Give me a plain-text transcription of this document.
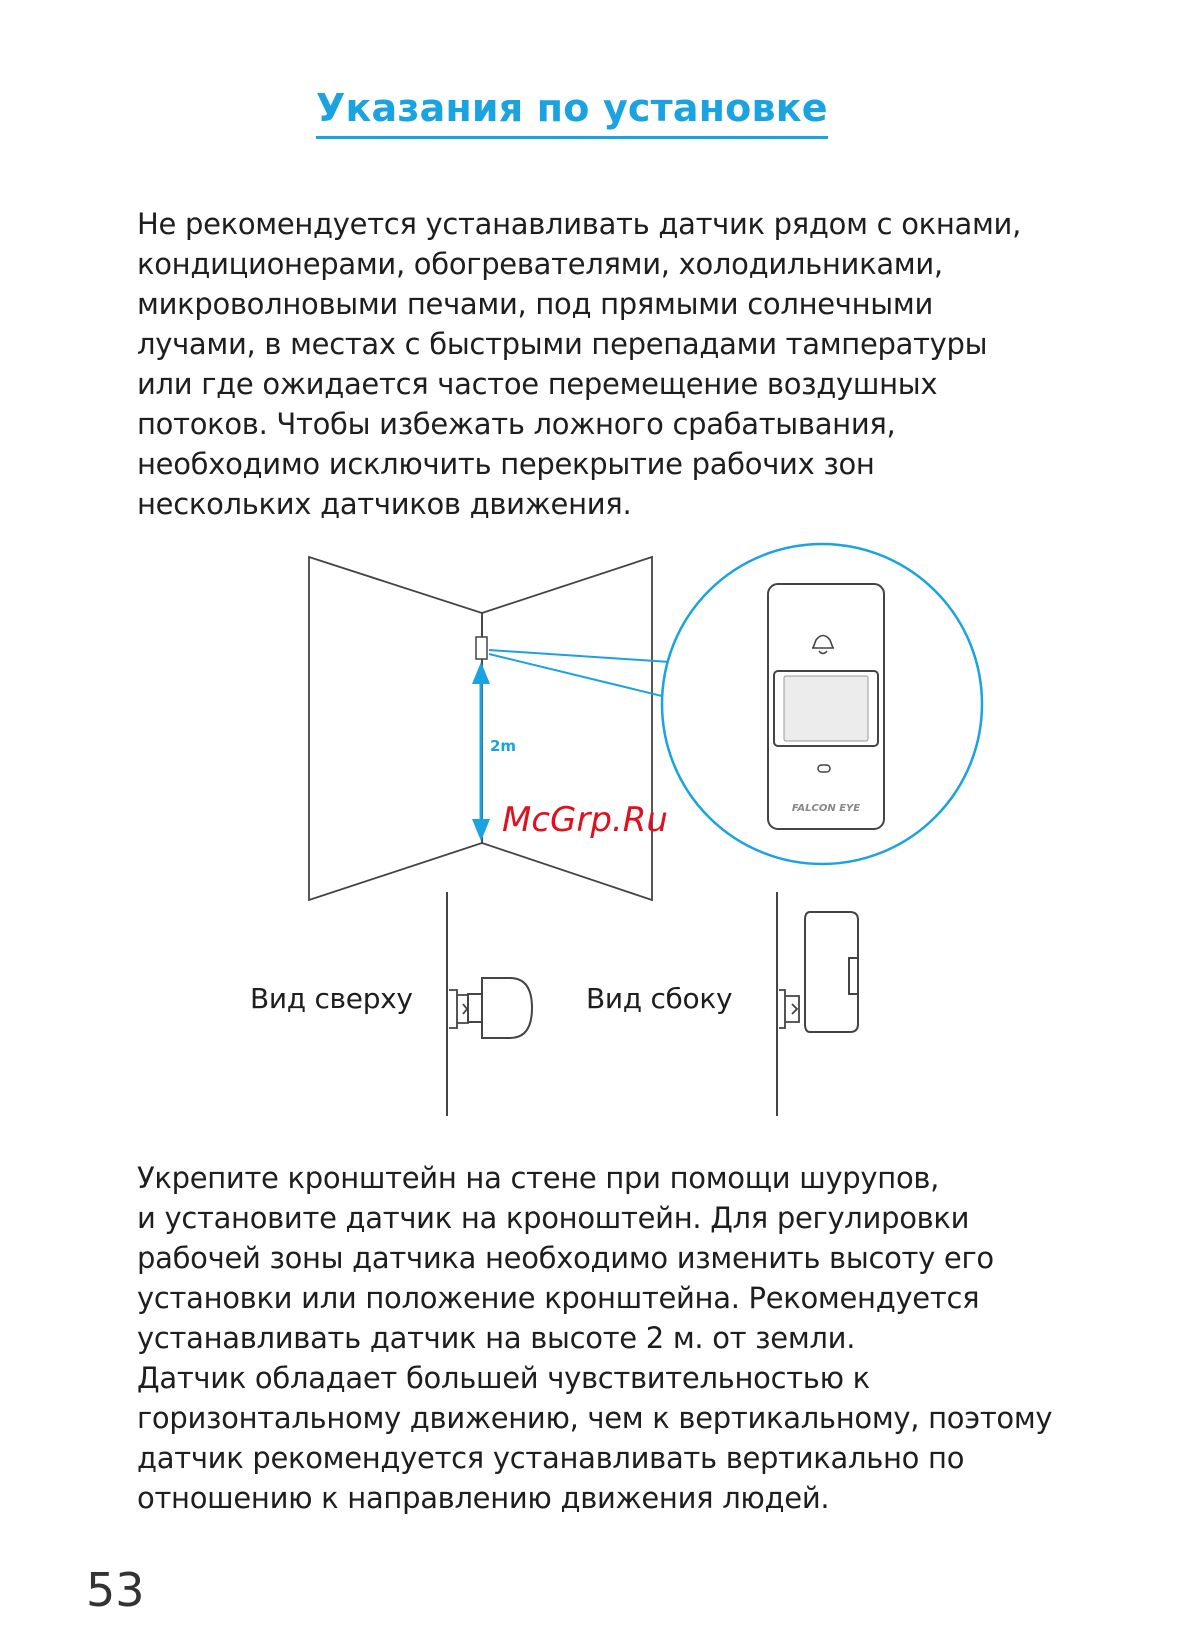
Указания по установке
Не рекомендуется устанавливать датчик рядом с окнами,
кондиционерами, обогревателями, холодильниками,
микроволновыми печами, под прямыми солнечными
лучами, в местах с быстрыми перепадами тампературы
или где ожидается частое перемещение воздушных
потоков. Чтобы избежать ложного срабатывания,
необходимо исключить перекрытие рабочих зон
нескольких датчиков движения.
2m
FALCON EYE
Вид сверху	Вид сбоку
McGrp.Ru
Укрепите кронштейн на стене при помощи шурупов,
и установите датчик на кроноштейн. Для регулировки
рабочей зоны датчика необходимо изменить высоту его
установки или положение кронштейна. Рекомендуется
устанавливать датчик на высоте 2 м. от земли.
Датчик обладает большей чувствительностью к
горизонтальному движению, чем к вертикальному, поэтому
датчик рекомендуется устанавливать вертикально по
отношению к направлению движения людей.
53
